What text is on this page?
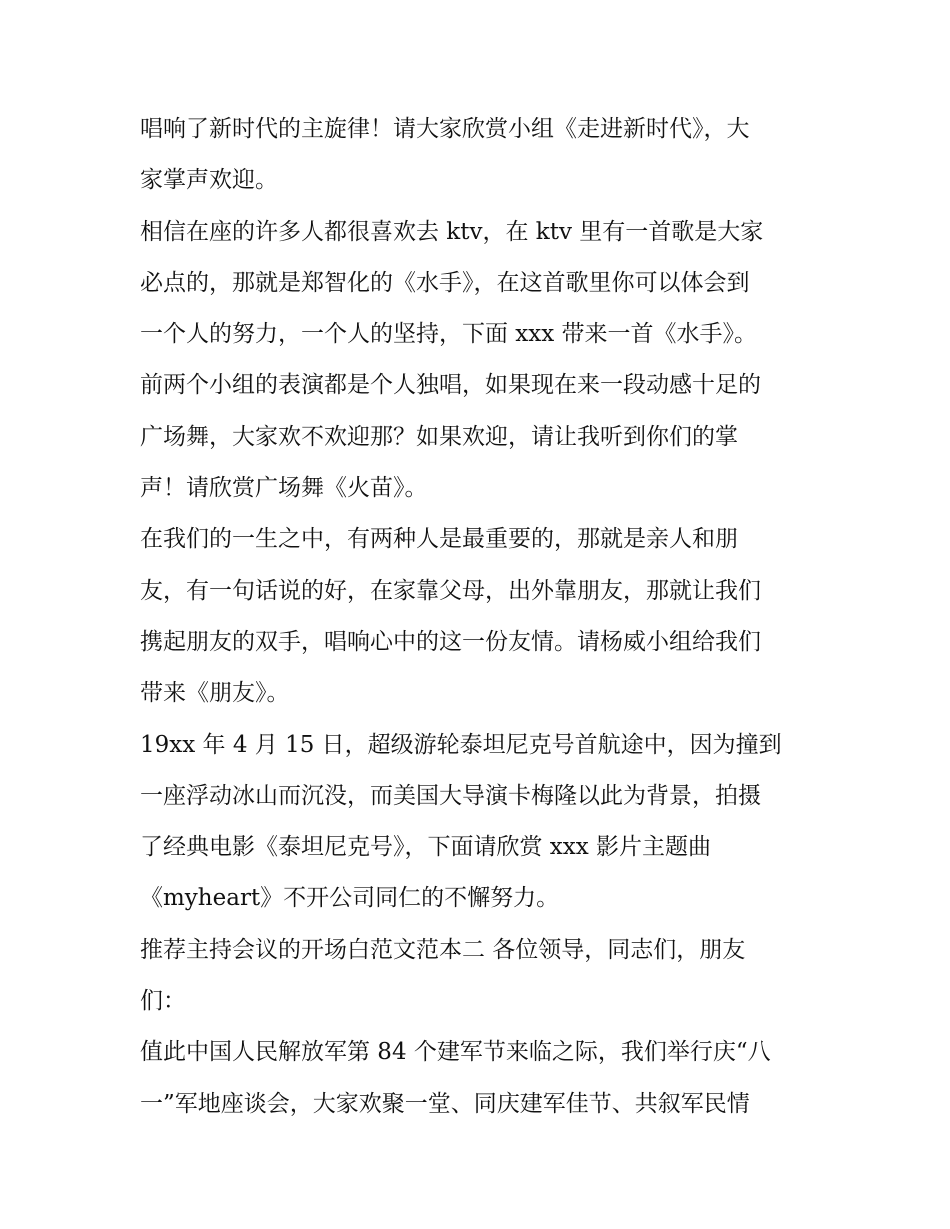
唱响了新时代的主旋律！请大家欣赏小组《走进新时代》，大
家掌声欢迎。
相信在座的许多人都很喜欢去 ktv，在 ktv 里有一首歌是大家
必点的，那就是郑智化的《水手》，在这首歌里你可以体会到
一个人的努力，一个人的坚持，下面 xxx 带来一首《水手》。
前两个小组的表演都是个人独唱，如果现在来一段动感十足的
广场舞，大家欢不欢迎那？如果欢迎，请让我听到你们的掌
声！请欣赏广场舞《火苗》。
在我们的一生之中，有两种人是最重要的，那就是亲人和朋
友，有一句话说的好，在家靠父母，出外靠朋友，那就让我们
携起朋友的双手，唱响心中的这一份友情。请杨威小组给我们
带来《朋友》。
19xx 年 4 月 15 日，超级游轮泰坦尼克号首航途中，因为撞到
一座浮动冰山而沉没，而美国大导演卡梅隆以此为背景，拍摄
了经典电影《泰坦尼克号》，下面请欣赏 xxx 影片主题曲
《myheart》不开公司同仁的不懈努力。
推荐主持会议的开场白范文范本二 各位领导，同志们，朋友
们：
值此中国人民解放军第 84 个建军节来临之际，我们举行庆“八
一”军地座谈会，大家欢聚一堂、同庆建军佳节、共叙军民情
